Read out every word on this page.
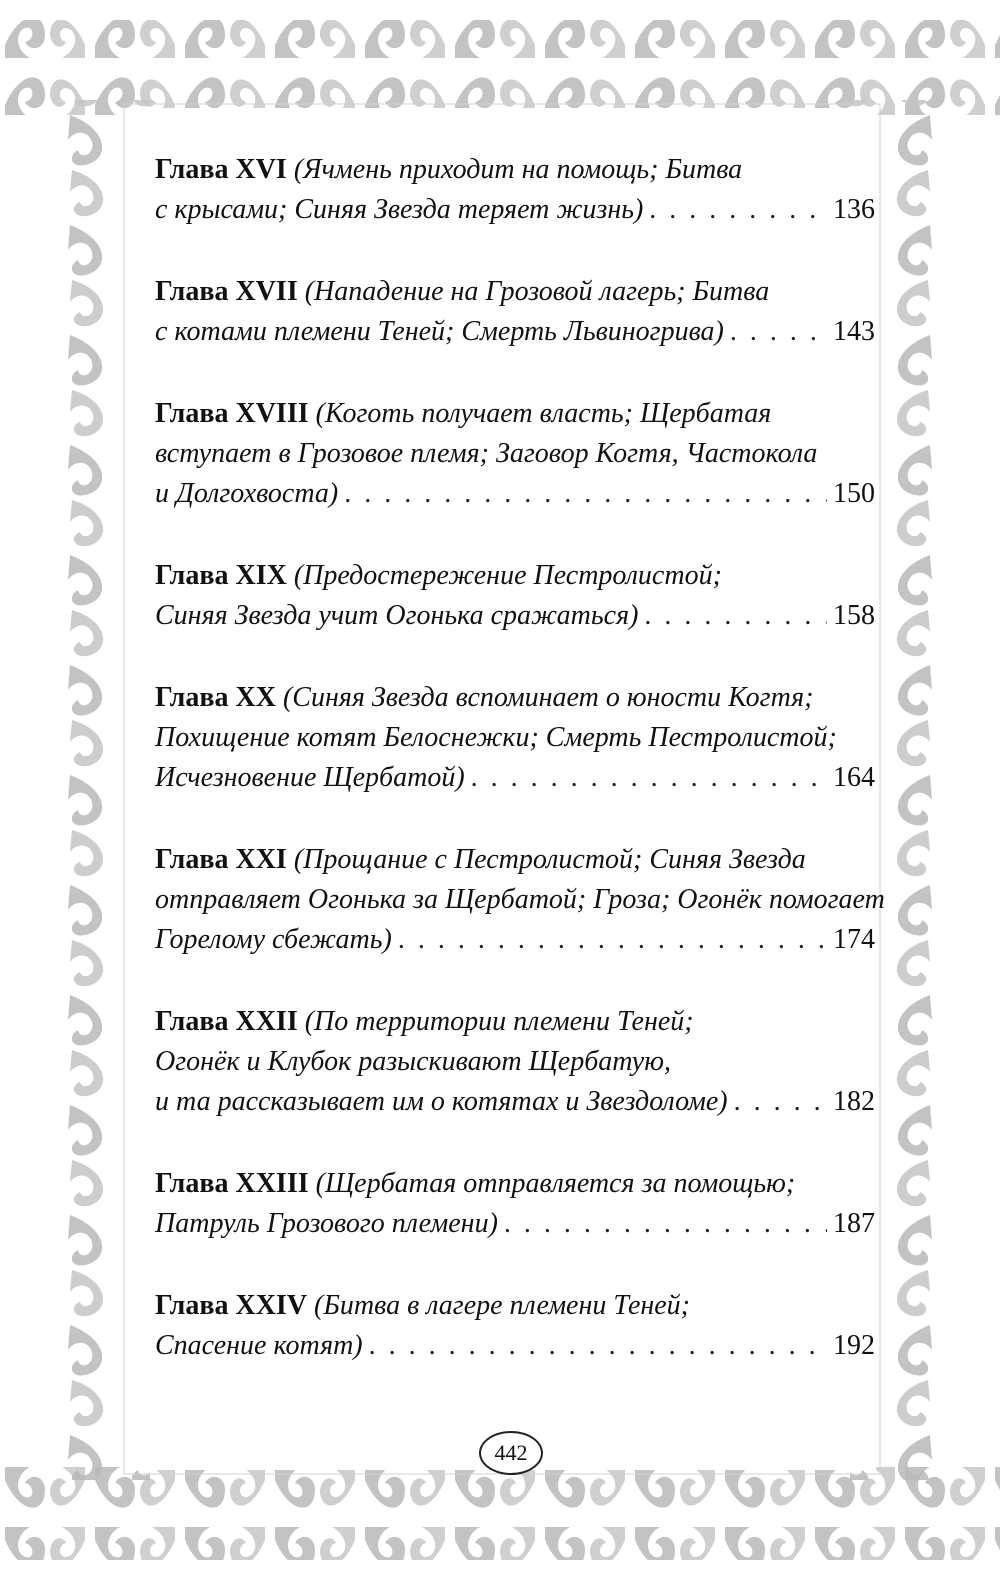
Глава XVI (Ячмень приходит на помощь; Битва
с крысами; Синяя Звезда теряет жизнь) . . .	136
Глава XVII (Нападение на Грозовой лагерь; Битва
с котами племени Теней; Смерть Львиногрива) . . .	143
Глава XVIII (Коготь получает власть; Щербатая
вступает в Грозовое племя; Заговор Когтя, Частокола
и Долгохвоста) . . .	150
Глава XIX (Предостережение Пестролистой;
Синяя Звезда учит Огонька сражаться) . . .	158
Глава XX (Синяя Звезда вспоминает о юности Когтя;
Похищение котят Белоснежки; Смерть Пестролистой;
Исчезновение Щербатой) . . .	164
Глава XXI (Прощание с Пестролистой; Синяя Звезда
отправляет Огонька за Щербатой; Гроза; Огонёк помогает
Горелому сбежать) . . .	174
Глава XXII (По территории племени Теней;
Огонёк и Клубок разыскивают Щербатую,
и та рассказывает им о котятах и Звездоломе) . . .	182
Глава XXIII (Щербатая отправляется за помощью;
Патруль Грозового племени) . . .	187
Глава XXIV (Битва в лагере племени Теней;
Спасение котят) . . .	192
442
